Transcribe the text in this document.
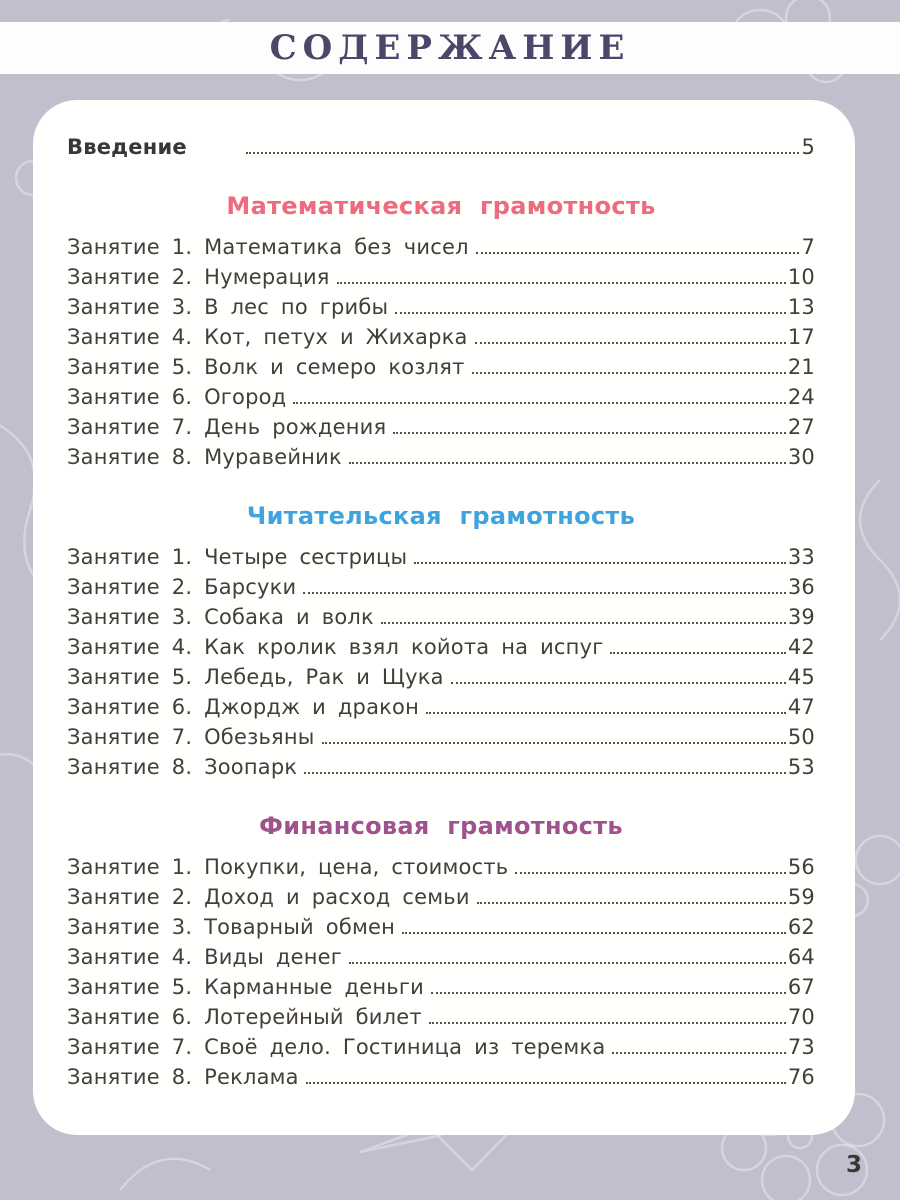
СОДЕРЖАНИЕ
Введение	5
Математическая грамотность
Занятие 1. Математика без чисел	7
Занятие 2. Нумерация	10
Занятие 3. В лес по грибы	13
Занятие 4. Кот, петух и Жихарка	17
Занятие 5. Волк и семеро козлят	21
Занятие 6. Огород	24
Занятие 7. День рождения	27
Занятие 8. Муравейник	30
Читательская грамотность
Занятие 1. Четыре сестрицы	33
Занятие 2. Барсуки	36
Занятие 3. Собака и волк	39
Занятие 4. Как кролик взял койота на испуг	42
Занятие 5. Лебедь, Рак и Щука	45
Занятие 6. Джордж и дракон	47
Занятие 7. Обезьяны	50
Занятие 8. Зоопарк	53
Финансовая грамотность
Занятие 1. Покупки, цена, стоимость	56
Занятие 2. Доход и расход семьи	59
Занятие 3. Товарный обмен	62
Занятие 4. Виды денег	64
Занятие 5. Карманные деньги	67
Занятие 6. Лотерейный билет	70
Занятие 7. Своё дело. Гостиница из теремка	73
Занятие 8. Реклама	76
3
